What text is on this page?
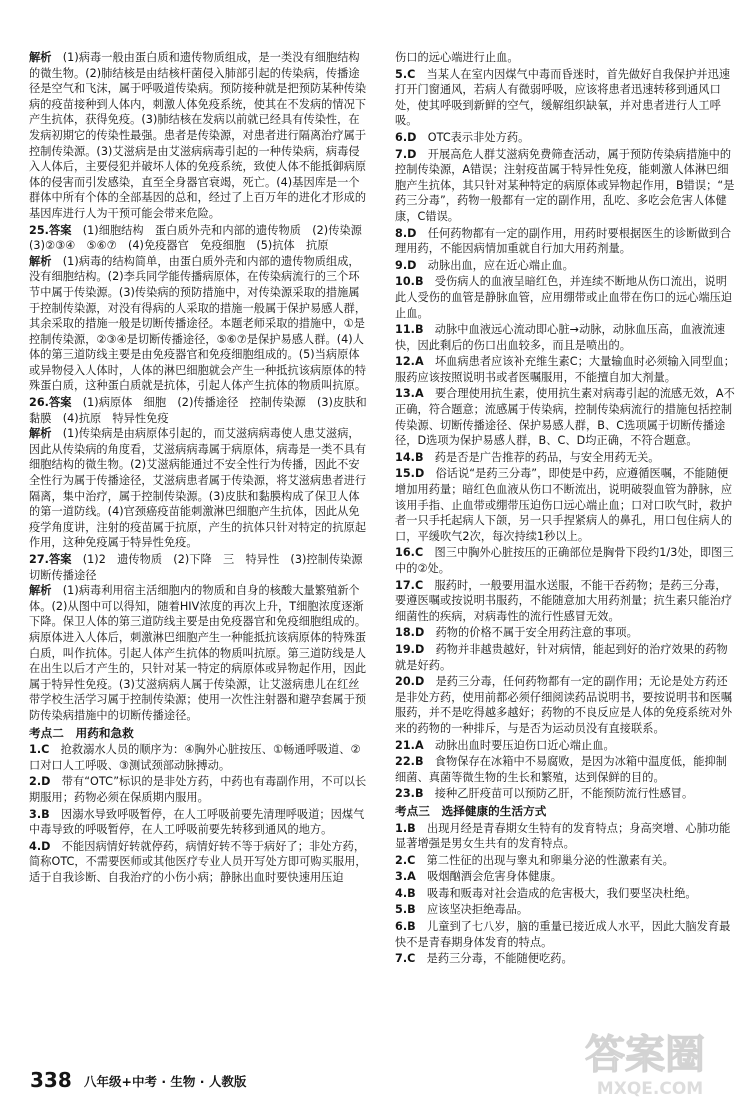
解析　 (1)病毒一般由蛋白质和遗传物质组成，是一类没有细胞结构的微生物。(2)肺结核是由结核杆菌侵入肺部引起的传染病，传播途径是空气和飞沫，属于呼吸道传染病。预防接种就是把预防某种传染病的疫苗接种到人体内，刺激人体免疫系统，使其在不发病的情况下产生抗体，获得免疫。(3)肺结核在发病以前就已经具有传染性，在发病初期它的传染性最强。患者是传染源，对患者进行隔离治疗属于控制传染源。(3)艾滋病是由艾滋病病毒引起的一种传染病，病毒侵入人体后，主要侵犯并破坏人体的免疫系统，致使人体不能抵御病原体的侵害而引发感染，直至全身器官衰竭，死亡。(4)基因库是一个群体中所有个体的全部基因的总和，经过了上百万年的进化才形成的基因库进行人为干预可能会带来危险。
25.答案　 (1)细胞结构　蛋白质外壳和内部的遗传物质　(2)传染源　(3)②③④　⑤⑥⑦　(4)免疫器官　免疫细胞　(5)抗体　抗原
解析　 (1)病毒的结构简单，由蛋白质外壳和内部的遗传物质组成，没有细胞结构。(2)李兵同学能传播病原体，在传染病流行的三个环节中属于传染源。(3)传染病的预防措施中，对传染源采取的措施属于控制传染源，对没有得病的人采取的措施一般属于保护易感人群，其余采取的措施一般是切断传播途径。本题老师采取的措施中，①是控制传染源，②③④是切断传播途径，⑤⑥⑦是保护易感人群。(4)人体的第三道防线主要是由免疫器官和免疫细胞组成的。(5)当病原体或异物侵入人体时，人体的淋巴细胞就会产生一种抵抗该病原体的特殊蛋白质，这种蛋白质就是抗体，引起人体产生抗体的物质叫抗原。
26.答案　 (1)病原体　细胞　(2)传播途径　控制传染源　(3)皮肤和黏膜　(4)抗原　特异性免疫
解析　 (1)传染病是由病原体引起的，而艾滋病病毒使人患艾滋病，因此从传染病的角度看，艾滋病病毒属于病原体，病毒是一类不具有细胞结构的微生物。(2)艾滋病能通过不安全性行为传播，因此不安全性行为属于传播途径，艾滋病患者属于传染源，将艾滋病患者进行隔离，集中治疗，属于控制传染源。(3)皮肤和黏膜构成了保卫人体的第一道防线。(4)官颈癌疫苗能刺激淋巴细胞产生抗体，因此从免疫学角度讲，注射的疫苗属于抗原，产生的抗体只针对特定的抗原起作用，这种免疫属于特异性免疫。
27.答案　 (1)2　遗传物质　(2)下降　三　特异性　(3)控制传染源　切断传播途径
解析　 (1)病毒利用宿主活细胞内的物质和自身的核酸大量繁殖新个体。(2)从图中可以得知，随着HIV浓度的再次上升，T细胞浓度逐渐下降。保卫人体的第三道防线主要是由免疫器官和免疫细胞组成的。病原体进入人体后，刺激淋巴细胞产生一种能抵抗该病原体的特殊蛋白质，叫作抗体。引起人体产生抗体的物质叫抗原。第三道防线是人在出生以后才产生的，只针对某一特定的病原体或异物起作用，因此属于特异性免疫。(3)艾滋病病人属于传染源，让艾滋病患儿在红丝带学校生活学习属于控制传染源；使用一次性注射器和避孕套属于预防传染病措施中的切断传播途径。
考点二　用药和急救
1.C　 抢救溺水人员的顺序为：④胸外心脏按压、①畅通呼吸道、②口对口人工呼吸、③测试颈部动脉搏动。
2.D　 带有“OTC”标识的是非处方药，中药也有毒副作用，不可以长期服用；药物必须在保质期内服用。
3.B　 因溺水导致呼吸暂停，在人工呼吸前要先清理呼吸道；因煤气中毒导致的呼吸暂停，在人工呼吸前要先转移到通风的地方。
4.D　 不能因病情好转就停药，病情好转不等于病好了；非处方药，简称OTC，不需要医师或其他医疗专业人员开写处方即可购买服用，适于自我诊断、自我治疗的小伤小病；静脉出血时要快速用压迫
伤口的远心端进行止血。
5.C　 当某人在室内因煤气中毒而昏迷时，首先做好自我保护并迅速打开门窗通风，若病人有微弱呼吸，应该将患者迅速转移到通风口处，使其呼吸到新鲜的空气，缓解组织缺氧，并对患者进行人工呼吸。
6.D　 OTC表示非处方药。
7.D　 开展高危人群艾滋病免费筛查活动，属于预防传染病措施中的控制传染源，A错误；注射疫苗属于特异性免疫，能刺激人体淋巴细胞产生抗体，其只针对某种特定的病原体或异物起作用，B错误；“是药三分毒”，药物一般都有一定的副作用，乱吃、多吃会危害人体健康，C错误。
8.D　 任何药物都有一定的副作用，用药时要根据医生的诊断做到合理用药，不能因病情加重就自行加大用药剂量。
9.D　 动脉出血，应在近心端止血。
10.B　 受伤病人的血液呈暗红色，并连续不断地从伤口流出，说明此人受伤的血管是静脉血管，应用绷带或止血带在伤口的远心端压迫止血。
11.B　 动脉中血液远心流动即心脏→动脉，动脉血压高，血液流速快，因此剩后的伤口出血较多，而且是喷出的。
12.A　 坏血病患者应该补充维生素C；大量输血时必须输入同型血；服药应该按照说明书或者医嘱服用，不能擅自加大剂量。
13.A　 要合理使用抗生素，使用抗生素对病毒引起的流感无效，A不正确，符合题意；流感属于传染病，控制传染病流行的措施包括控制传染源、切断传播途径、保护易感人群，B、C选项属于切断传播途径，D选项为保护易感人群，B、C、D均正确，不符合题意。
14.B　 药是否是广告推荐的药品，与安全用药无关。
15.D　 俗话说“是药三分毒”，即使是中药，应遵循医嘱，不能随便增加用药量；暗红色血液从伤口不断流出，说明破裂血管为静脉，应该用手指、止血带或绷带压迫伤口远心端止血；口对口吹气时，救护者一只手托起病人下颌，另一只手捏紧病人的鼻孔，用口包住病人的口，平缓吹气2次，每次持续1秒以上。
16.C　 图三中胸外心脏按压的正确部位是胸骨下段约1/3处，即图三中的②处。
17.C　 服药时，一般要用温水送服，不能干吞药物；是药三分毒，要遵医嘱或按说明书服药，不能随意加大用药剂量；抗生素只能治疗细菌性的疾病，对病毒性的流行性感冒无效。
18.D　 药物的价格不属于安全用药注意的事项。
19.D　 药物并非越贵越好，针对病情，能起到好的治疗效果的药物就是好药。
20.D　 是药三分毒，任何药物都有一定的副作用；无论是处方药还是非处方药，使用前都必须仔细阅读药品说明书，要按说明书和医嘱服药，并不是吃得越多越好；药物的不良反应是人体的免疫系统对外来的药物的一种排斥，与是否为运动员没有直接联系。
21.A　 动脉出血时要压迫伤口近心端止血。
22.B　 食物保存在冰箱中不易腐败，是因为冰箱中温度低，能抑制细菌、真菌等微生物的生长和繁殖，达到保鲜的目的。
23.B　 接种乙肝疫苗可以预防乙肝，不能预防流行性感冒。
考点三　选择健康的生活方式
1.B　 出现月经是青春期女生特有的发育特点；身高突增、心肺功能显著增强是男女生共有的发育特点。
2.C　 第二性征的出现与睾丸和卵巢分泌的性激素有关。
3.A　 吸烟酗酒会危害身体健康。
4.B　 吸毒和贩毒对社会造成的危害极大，我们要坚决杜绝。
5.B　 应该坚决拒绝毒品。
6.B　 儿童到了七八岁，脑的重量已接近成人水平，因此大脑发育最快不是青春期身体发育的特点。
7.C　 是药三分毒，不能随便吃药。
338 八年级+中考 · 生物 · 人教版
答案圈
MXQE.COM
